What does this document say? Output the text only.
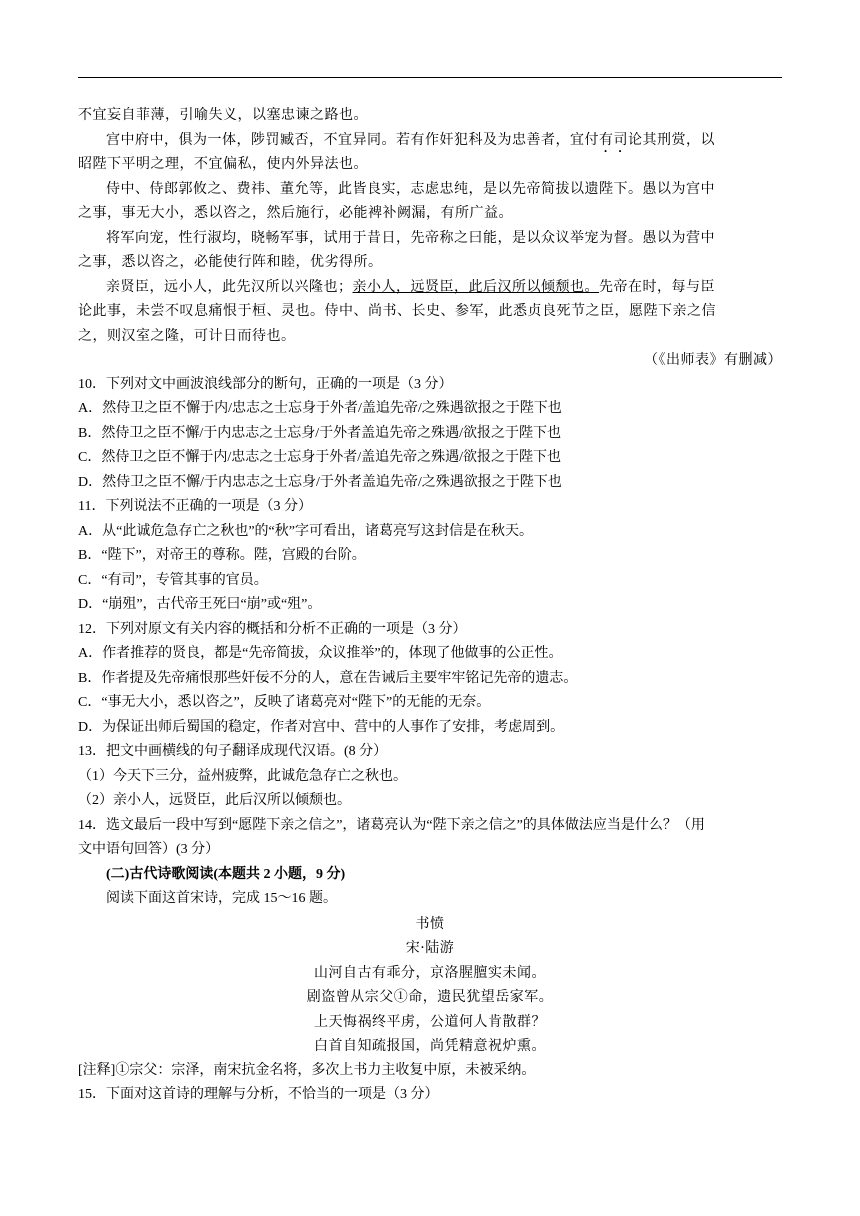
不宜妄自菲薄，引喻失义，以塞忠谏之路也。
宫中府中，俱为一体，陟罚臧否，不宜异同。若有作奸犯科及为忠善者，宜付有司论其刑赏，以
昭陛下平明之理，不宜偏私，使内外异法也。
侍中、侍郎郭攸之、费祎、董允等，此皆良实，志虑忠纯，是以先帝简拔以遗陛下。愚以为宫中
之事，事无大小，悉以咨之，然后施行，必能裨补阙漏，有所广益。
将军向宠，性行淑均，晓畅军事，试用于昔日，先帝称之曰能，是以众议举宠为督。愚以为营中
之事，悉以咨之，必能使行阵和睦，优劣得所。
亲贤臣，远小人，此先汉所以兴隆也；亲小人，远贤臣，此后汉所以倾颓也。先帝在时，每与臣
论此事，未尝不叹息痛恨于桓、灵也。侍中、尚书、长史、参军，此悉贞良死节之臣，愿陛下亲之信
之，则汉室之隆，可计日而待也。
（《出师表》有删减）
10．下列对文中画波浪线部分的断句，正确的一项是（3 分）
A．然侍卫之臣不懈于内/忠志之士忘身于外者/盖追先帝/之殊遇欲报之于陛下也
B．然侍卫之臣不懈/于内忠志之士忘身/于外者盖追先帝之殊遇/欲报之于陛下也
C．然侍卫之臣不懈于内/忠志之士忘身于外者/盖追先帝之殊遇/欲报之于陛下也
D．然侍卫之臣不懈/于内忠志之士忘身/于外者盖追先帝/之殊遇欲报之于陛下也
11．下列说法不正确的一项是（3 分）
A．从“此诚危急存亡之秋也”的“秋”字可看出，诸葛亮写这封信是在秋天。
B．“陛下”，对帝王的尊称。陛，宫殿的台阶。
C．“有司”，专管其事的官员。
D．“崩殂”，古代帝王死曰“崩”或“殂”。
12．下列对原文有关内容的概括和分析不正确的一项是（3 分）
A．作者推荐的贤良，都是“先帝简拔，众议推举”的，体现了他做事的公正性。
B．作者提及先帝痛恨那些奸佞不分的人，意在告诫后主要牢牢铭记先帝的遗志。
C．“事无大小，悉以咨之”，反映了诸葛亮对“陛下”的无能的无奈。
D．为保证出师后蜀国的稳定，作者对宫中、营中的人事作了安排，考虑周到。
13．把文中画横线的句子翻译成现代汉语。(8 分）
（1）今天下三分，益州疲弊，此诚危急存亡之秋也。
（2）亲小人，远贤臣，此后汉所以倾颓也。
14．选文最后一段中写到“愿陛下亲之信之”，诸葛亮认为“陛下亲之信之”的具体做法应当是什么？（用
文中语句回答）(3 分）
(二)古代诗歌阅读(本题共 2 小题，9 分)
阅读下面这首宋诗，完成 15～16 题。
书愤
宋·陆游
山河自古有乖分，京洛腥膻实未闻。
剧盗曾从宗父①命，遗民犹望岳家军。
上天悔祸终平虏，公道何人肯散群？
白首自知疏报国，尚凭精意祝炉熏。
[注释]①宗父：宗泽，南宋抗金名将，多次上书力主收复中原，未被采纳。
15．下面对这首诗的理解与分析，不恰当的一项是（3 分）
